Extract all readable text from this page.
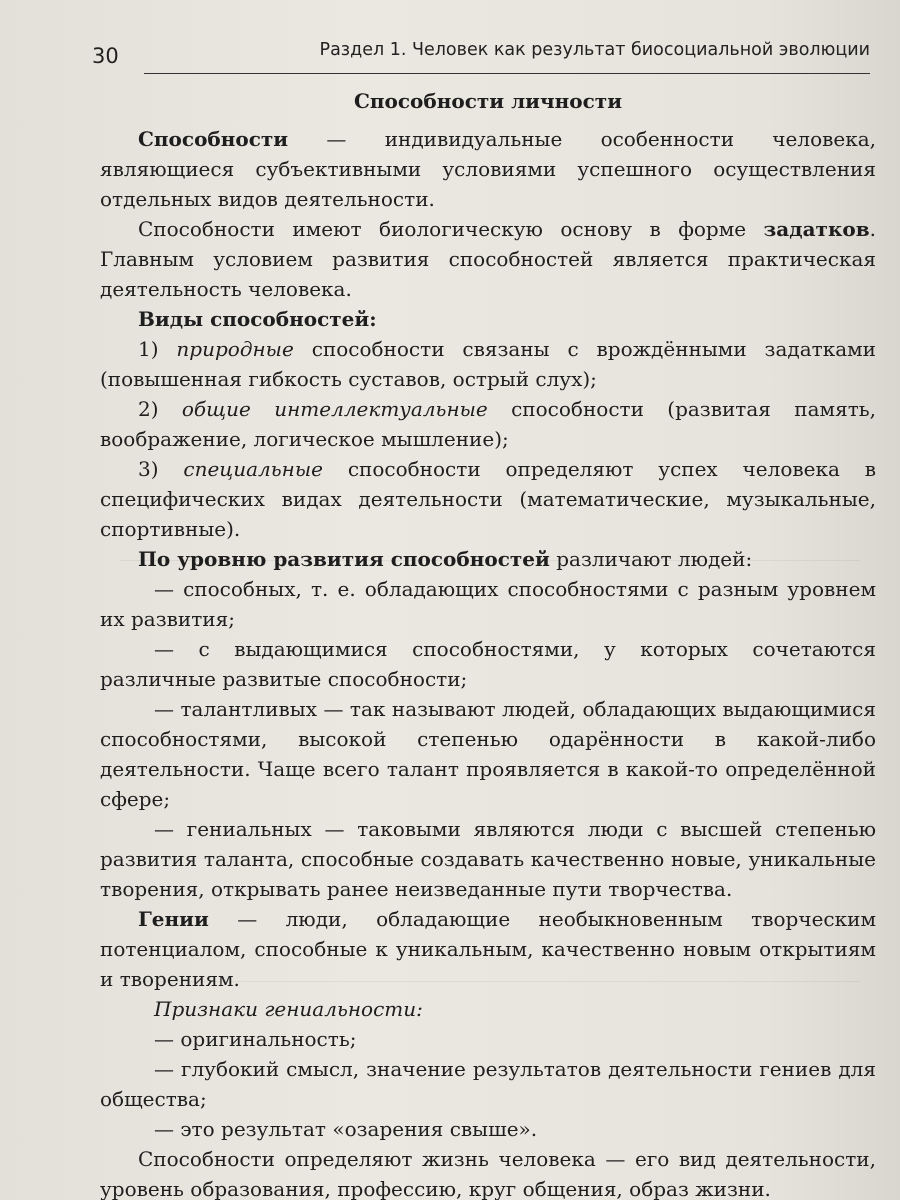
30	Раздел 1. Человек как результат биосоциальной эволюции

Способности личности

Способности — индивидуальные особенности человека, являющиеся субъективными условиями успешного осуществления отдельных видов деятельности.

Способности имеют биологическую основу в форме задатков. Главным условием развития способностей является практическая деятельность человека.

Виды способностей:

1) природные способности связаны с врождёнными задатками (повышенная гибкость суставов, острый слух);

2) общие интеллектуальные способности (развитая память, воображение, логическое мышление);

3) специальные способности определяют успех человека в специфических видах деятельности (математические, музыкальные, спортивные).

По уровню развития способностей различают людей:

— способных, т. е. обладающих способностями с разным уровнем их развития;

— с выдающимися способностями, у которых сочетаются различные развитые способности;

— талантливых — так называют людей, обладающих выдающимися способностями, высокой степенью одарённости в какой-либо деятельности. Чаще всего талант проявляется в какой-то определённой сфере;

— гениальных — таковыми являются люди с высшей степенью развития таланта, способные создавать качественно новые, уникальные творения, открывать ранее неизведанные пути творчества.

Гении — люди, обладающие необыкновенным творческим потенциалом, способные к уникальным, качественно новым открытиям и творениям.

Признаки гениальности:

— оригинальность;

— глубокий смысл, значение результатов деятельности гениев для общества;

— это результат «озарения свыше».

Способности определяют жизнь человека — его вид деятельности, уровень образования, профессию, круг общения, образ жизни.
